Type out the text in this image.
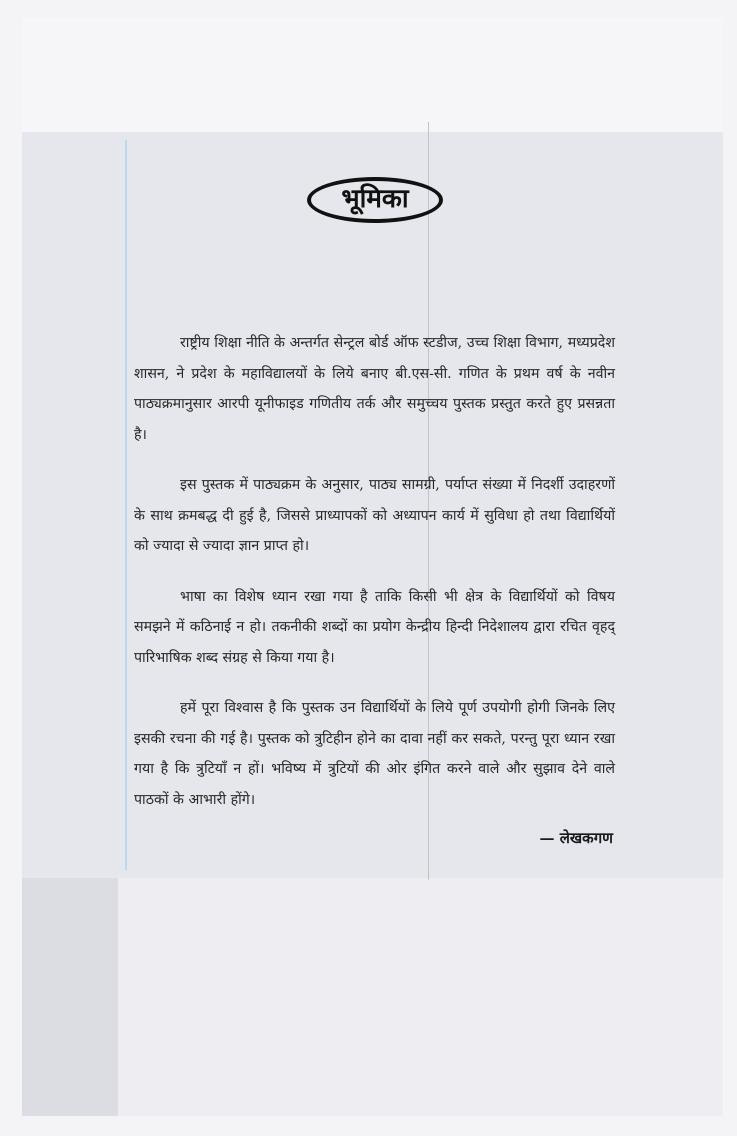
भूमिका

राष्ट्रीय शिक्षा नीति के अन्तर्गत सेन्ट्रल बोर्ड ऑफ स्टडीज, उच्च शिक्षा विभाग, मध्यप्रदेश शासन, ने प्रदेश के महाविद्यालयों के लिये बनाए बी.एस-सी. गणित के प्रथम वर्ष के नवीन पाठ्यक्रमानुसार आरपी यूनीफाइड गणितीय तर्क और समुच्चय पुस्तक प्रस्तुत करते हुए प्रसन्नता है।

इस पुस्तक में पाठ्यक्रम के अनुसार, पाठ्य सामग्री, पर्याप्त संख्या में निदर्शी उदाहरणों के साथ क्रमबद्ध दी हुई है, जिससे प्राध्यापकों को अध्यापन कार्य में सुविधा हो तथा विद्यार्थियों को ज्यादा से ज्यादा ज्ञान प्राप्त हो।

भाषा का विशेष ध्यान रखा गया है ताकि किसी भी क्षेत्र के विद्यार्थियों को विषय समझने में कठिनाई न हो। तकनीकी शब्दों का प्रयोग केन्द्रीय हिन्दी निदेशालय द्वारा रचित वृहद् पारिभाषिक शब्द संग्रह से किया गया है।

हमें पूरा विश्वास है कि पुस्तक उन विद्यार्थियों के लिये पूर्ण उपयोगी होगी जिनके लिए इसकी रचना की गई है। पुस्तक को त्रुटिहीन होने का दावा नहीं कर सकते, परन्तु पूरा ध्यान रखा गया है कि त्रुटियाँ न हों। भविष्य में त्रुटियों की ओर इंगित करने वाले और सुझाव देने वाले पाठकों के आभारी होंगे।

— लेखकगण
